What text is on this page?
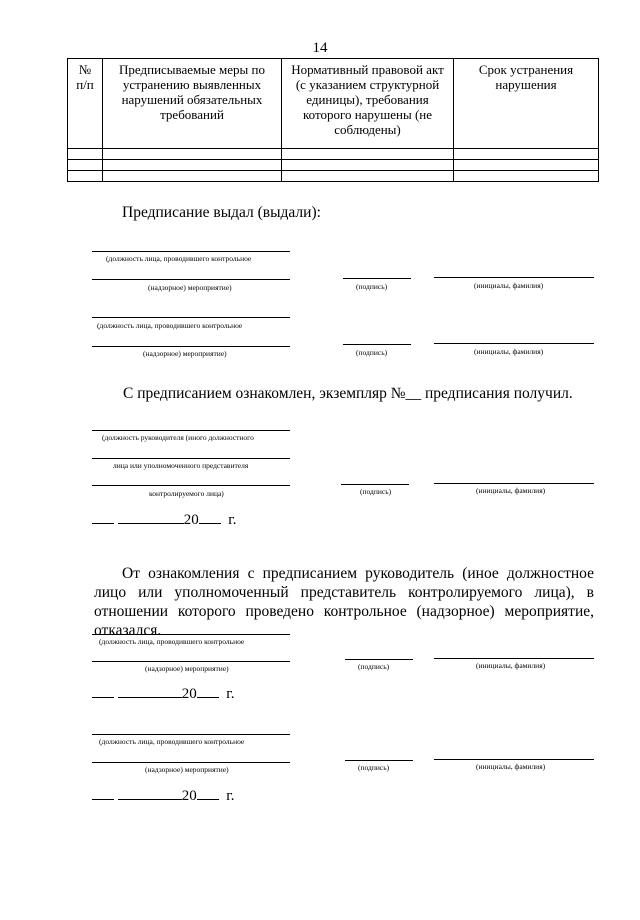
14
№ п/п	Предписываемые меры по устранению выявленных нарушений обязательных требований	Нормативный правовой акт (с указанием структурной единицы), требования которого нарушены (не соблюдены)	Срок устранения нарушения

Предписание выдал (выдали):
(должность лица, проводившего контрольное
(надзорное) мероприятие)	(подпись)	(инициалы, фамилия)
(должность лица, проводившего контрольное
(надзорное) мероприятие)	(подпись)	(инициалы, фамилия)
С предписанием ознакомлен, экземпляр №__ предписания получил.
(должность руководителя (иного должностного
лица или уполномоченного представителя
контролируемого лица)	(подпись)	(инициалы, фамилия)
20 г.
От ознакомления с предписанием руководитель (иное должностное лицо или уполномоченный представитель контролируемого лица), в отношении которого проведено контрольное (надзорное) мероприятие, отказался.
(должность лица, проводившего контрольное
(надзорное) мероприятие)	(подпись)	(инициалы, фамилия)
20 г.
(должность лица, проводившего контрольное
(надзорное) мероприятие)	(подпись)	(инициалы, фамилия)
20 г.
